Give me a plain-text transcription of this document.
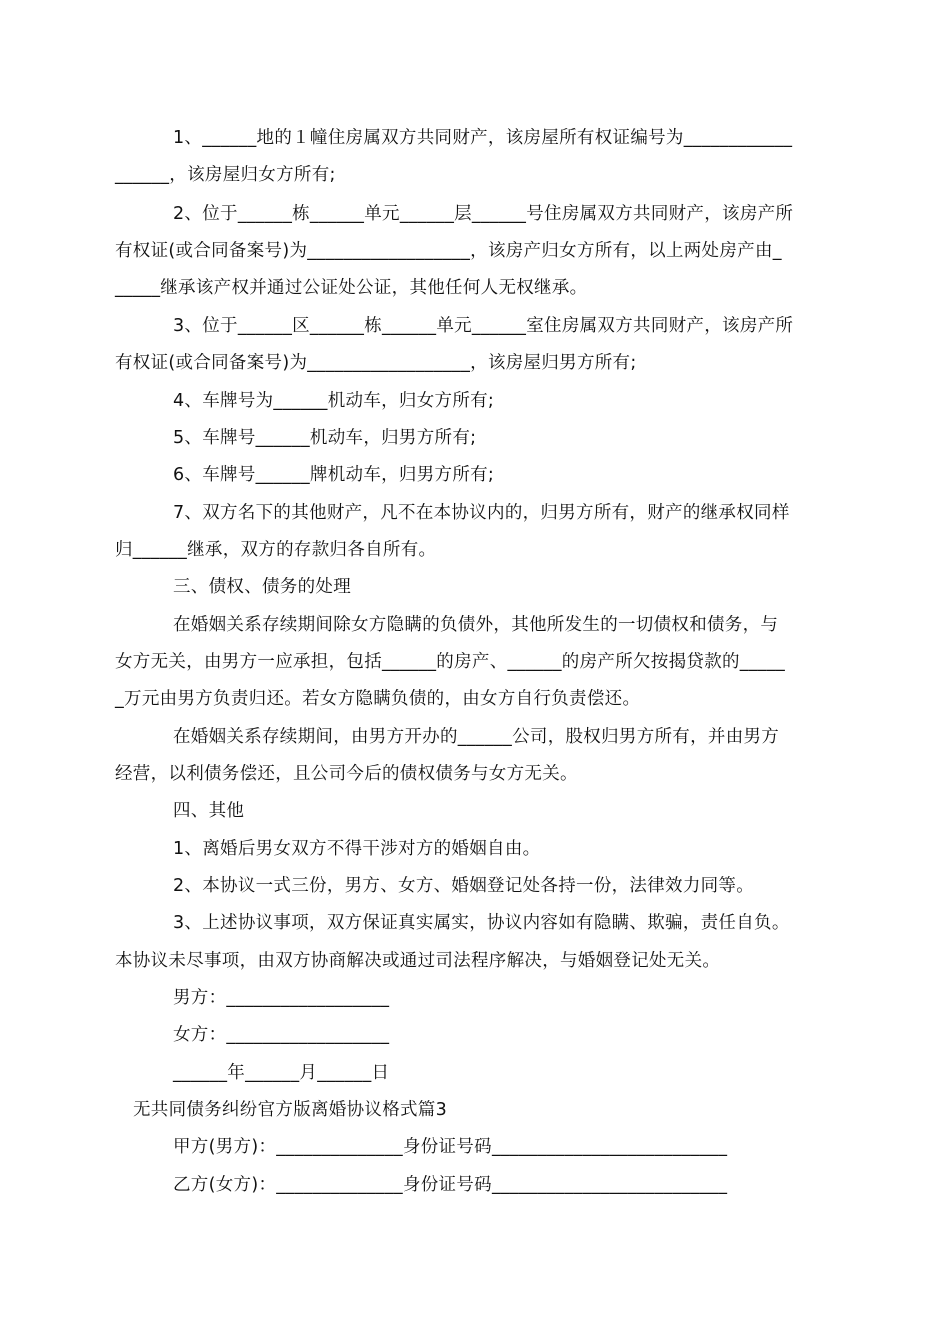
1、______地的１幢住房属双方共同财产，该房屋所有权证编号为____________
______，该房屋归女方所有;
2、位于______栋______单元______层______号住房属双方共同财产，该房产所
有权证(或合同备案号)为__________________，该房产归女方所有，以上两处房产由_
_____继承该产权并通过公证处公证，其他任何人无权继承。
3、位于______区______栋______单元______室住房属双方共同财产，该房产所
有权证(或合同备案号)为__________________，该房屋归男方所有;
4、车牌号为______机动车，归女方所有;
5、车牌号______机动车，归男方所有;
6、车牌号______牌机动车，归男方所有;
7、双方名下的其他财产，凡不在本协议内的，归男方所有，财产的继承权同样
归______继承，双方的存款归各自所有。
三、债权、债务的处理
在婚姻关系存续期间除女方隐瞒的负债外，其他所发生的一切债权和债务，与
女方无关，由男方一应承担，包括______的房产、______的房产所欠按揭贷款的_____
_万元由男方负责归还。若女方隐瞒负债的，由女方自行负责偿还。
在婚姻关系存续期间，由男方开办的______公司，股权归男方所有，并由男方
经营，以利债务偿还，且公司今后的债权债务与女方无关。
四、其他
1、离婚后男女双方不得干涉对方的婚姻自由。
2、本协议一式三份，男方、女方、婚姻登记处各持一份，法律效力同等。
3、上述协议事项，双方保证真实属实，协议内容如有隐瞒、欺骗，责任自负。
本协议未尽事项，由双方协商解决或通过司法程序解决，与婚姻登记处无关。
男方：__________________
女方：__________________
______年______月______日
无共同债务纠纷官方版离婚协议格式篇3
甲方(男方)：______________身份证号码__________________________
乙方(女方)：______________身份证号码__________________________
